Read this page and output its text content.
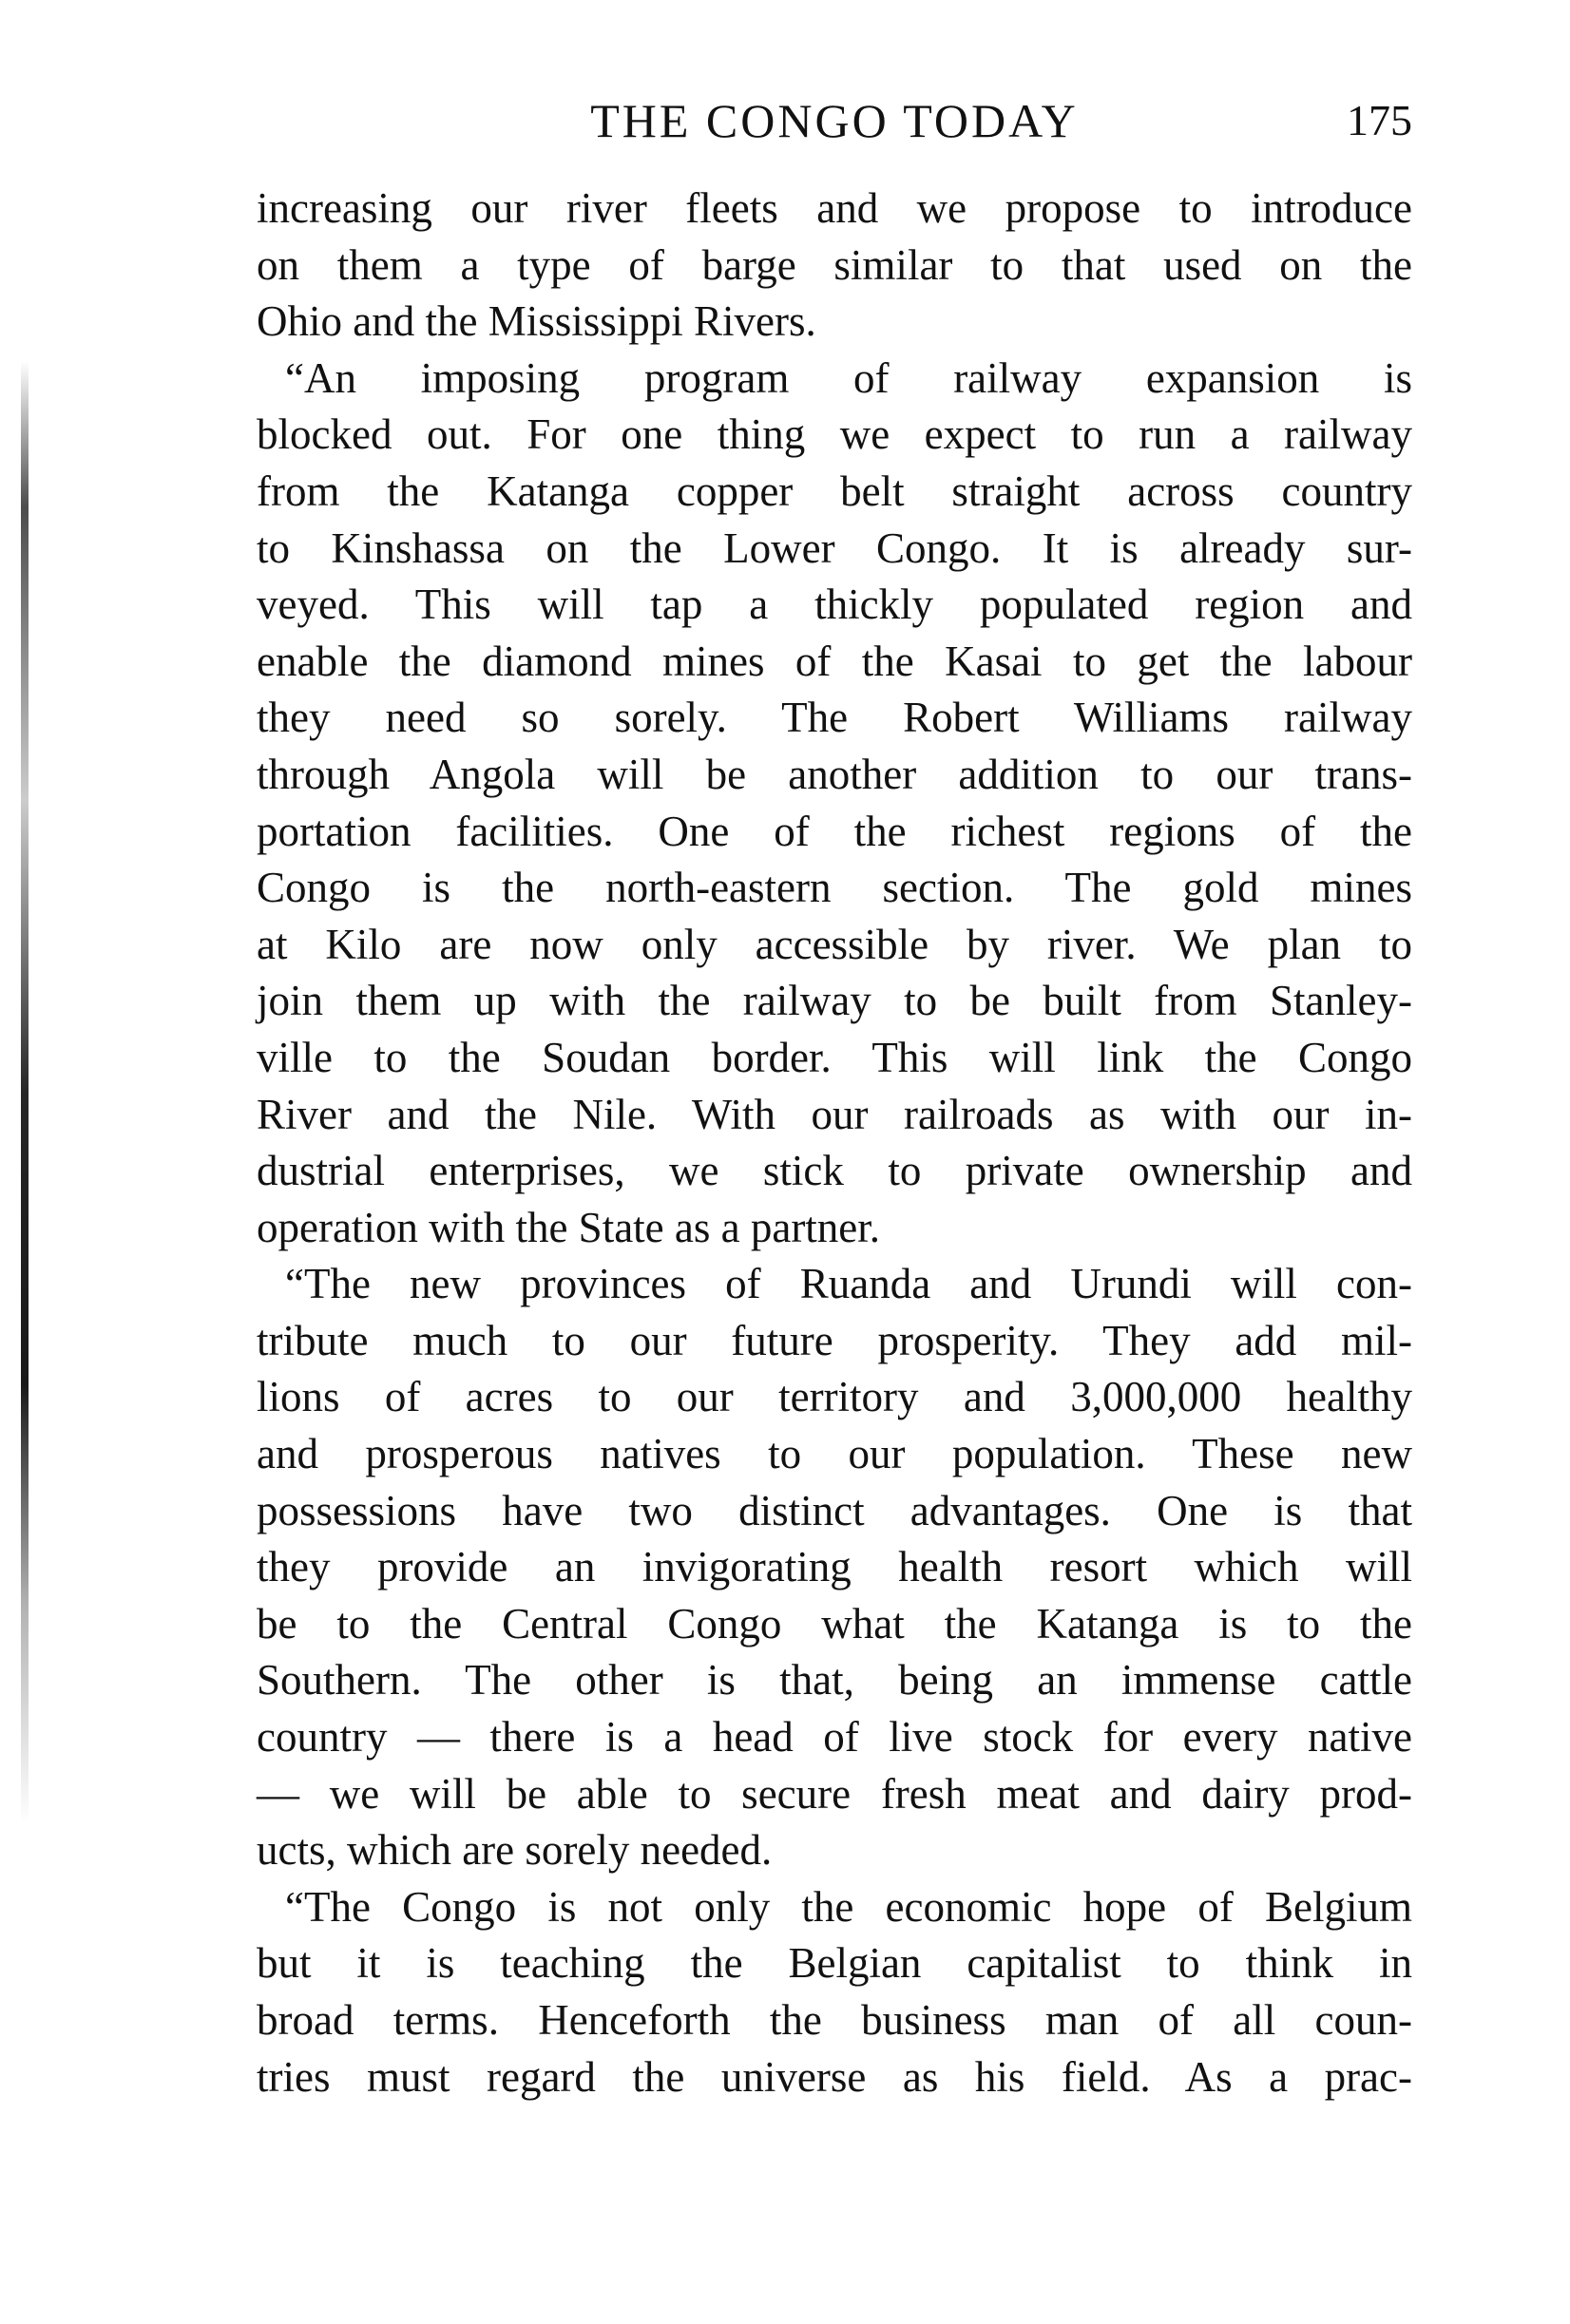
THE CONGO TODAY	175
increasing our river fleets and we propose to introduce
on them a type of barge similar to that used on the
Ohio and the Mississippi Rivers.
“An imposing program of railway expansion is
blocked out. For one thing we expect to run a railway
from the Katanga copper belt straight across country
to Kinshassa on the Lower Congo. It is already sur-
veyed. This will tap a thickly populated region and
enable the diamond mines of the Kasai to get the labour
they need so sorely. The Robert Williams railway
through Angola will be another addition to our trans-
portation facilities. One of the richest regions of the
Congo is the north-eastern section. The gold mines
at Kilo are now only accessible by river. We plan to
join them up with the railway to be built from Stanley-
ville to the Soudan border. This will link the Congo
River and the Nile. With our railroads as with our in-
dustrial enterprises, we stick to private ownership and
operation with the State as a partner.
“The new provinces of Ruanda and Urundi will con-
tribute much to our future prosperity. They add mil-
lions of acres to our territory and 3,000,000 healthy
and prosperous natives to our population. These new
possessions have two distinct advantages. One is that
they provide an invigorating health resort which will
be to the Central Congo what the Katanga is to the
Southern. The other is that, being an immense cattle
country — there is a head of live stock for every native
— we will be able to secure fresh meat and dairy prod-
ucts, which are sorely needed.
“The Congo is not only the economic hope of Belgium
but it is teaching the Belgian capitalist to think in
broad terms. Henceforth the business man of all coun-
tries must regard the universe as his field. As a prac-
